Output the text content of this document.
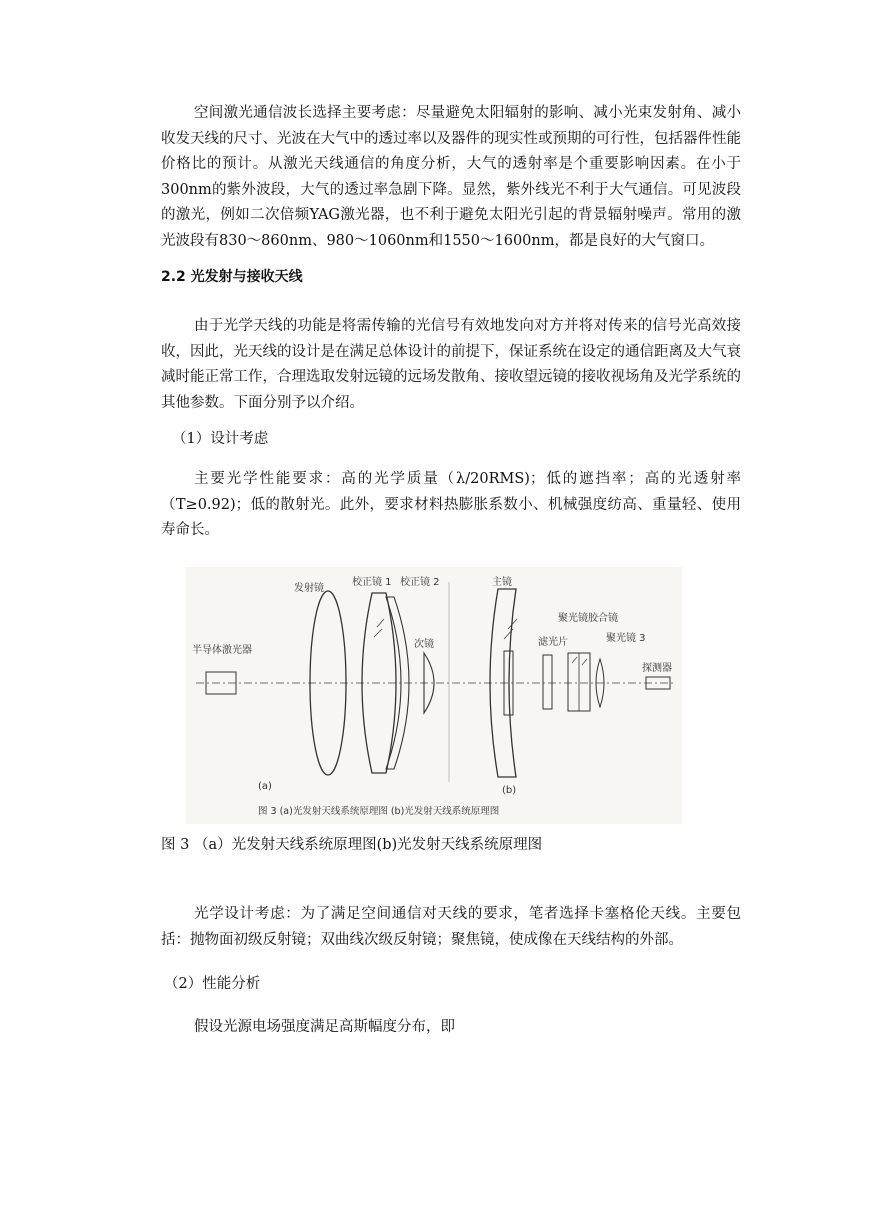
空间激光通信波长选择主要考虑：尽量避免太阳辐射的影响、减小光束发射角、减小收发天线的尺寸、光波在大气中的透过率以及器件的现实性或预期的可行性，包括器件性能价格比的预计。从激光天线通信的角度分析，大气的透射率是个重要影响因素。在小于300nm的紫外波段，大气的透过率急剧下降。显然，紫外线光不利于大气通信。可见波段的激光，例如二次倍频YAG激光器，也不利于避免太阳光引起的背景辐射噪声。常用的激光波段有830～860nm、980～1060nm和1550～1600nm，都是良好的大气窗口。

2.2 光发射与接收天线

由于光学天线的功能是将需传输的光信号有效地发向对方并将对传来的信号光高效接收，因此，光天线的设计是在满足总体设计的前提下，保证系统在设定的通信距离及大气衰减时能正常工作，合理选取发射远镜的远场发散角、接收望远镜的接收视场角及光学系统的其他参数。下面分别予以介绍。

（1）设计考虑

主要光学性能要求：高的光学质量（λ/20RMS)；低的遮挡率；高的光透射率（T≥0.92)；低的散射光。此外，要求材料热膨胀系数小、机械强度纺高、重量轻、使用寿命长。

半导体激光器
发射镜
校正镜 1 校正镜 2
次镜
主镜
滤光片
聚光镜胶合镜
聚光镜 3
探测器
(a)	(b)
图 3 (a)光发射天线系统原理图 (b)光发射天线系统原理图

图 3 （a）光发射天线系统原理图(b)光发射天线系统原理图

光学设计考虑：为了满足空间通信对天线的要求，笔者选择卡塞格伦天线。主要包括：抛物面初级反射镜；双曲线次级反射镜；聚焦镜，使成像在天线结构的外部。

（2）性能分析

假设光源电场强度满足高斯幅度分布，即
